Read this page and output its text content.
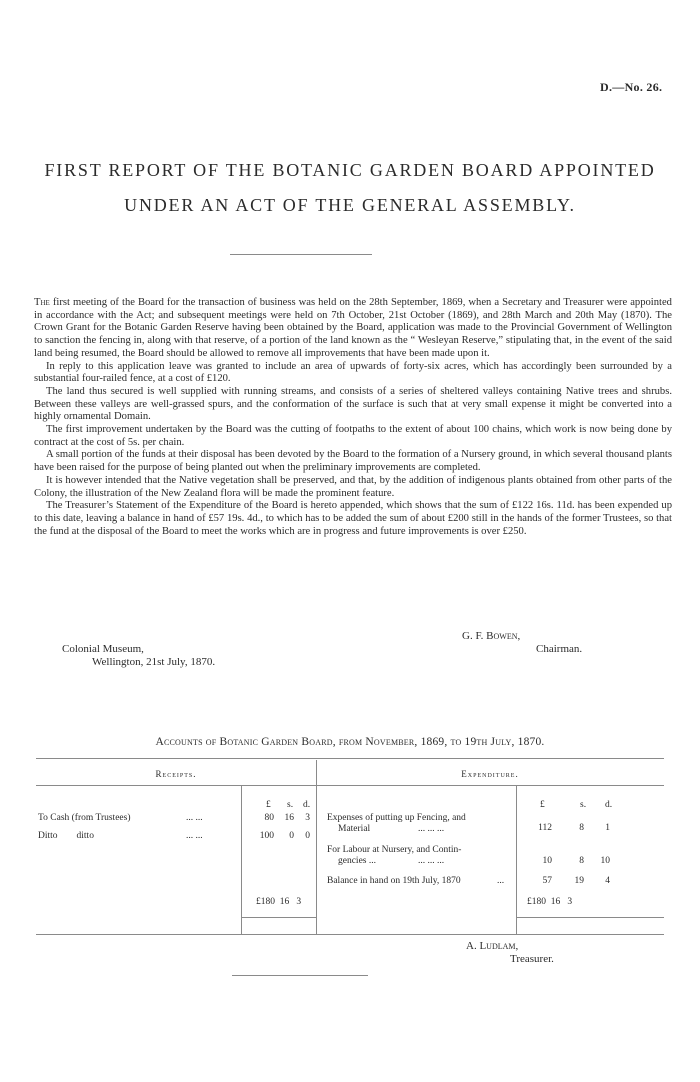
D.—No. 26.
FIRST REPORT OF THE BOTANIC GARDEN BOARD APPOINTED
UNDER AN ACT OF THE GENERAL ASSEMBLY.

The first meeting of the Board for the transaction of business was held on the 28th September, 1869, when a Secretary and Treasurer were appointed in accordance with the Act; and subsequent meetings were held on 7th October, 21st October (1869), and 28th March and 20th May (1870). The Crown Grant for the Botanic Garden Reserve having been obtained by the Board, application was made to the Provincial Government of Wellington to sanction the fencing in, along with that reserve, of a portion of the land known as the “ Wesleyan Reserve,” stipulating that, in the event of the said land being resumed, the Board should be allowed to remove all improvements that have been made upon it.

In reply to this application leave was granted to include an area of upwards of forty-six acres, which has accordingly been surrounded by a substantial four-railed fence, at a cost of £120.

The land thus secured is well supplied with running streams, and consists of a series of sheltered valleys containing Native trees and shrubs. Between these valleys are well-grassed spurs, and the conformation of the surface is such that at very small expense it might be converted into a highly ornamental Domain.

The first improvement undertaken by the Board was the cutting of footpaths to the extent of about 100 chains, which work is now being done by contract at the cost of 5s. per chain.

A small portion of the funds at their disposal has been devoted by the Board to the formation of a Nursery ground, in which several thousand plants have been raised for the purpose of being planted out when the preliminary improvements are completed.

It is however intended that the Native vegetation shall be preserved, and that, by the addition of indigenous plants obtained from other parts of the Colony, the illustration of the New Zealand flora will be made the prominent feature.

The Treasurer’s Statement of the Expenditure of the Board is hereto appended, which shows that the sum of £122 16s. 11d. has been expended up to this date, leaving a balance in hand of £57 19s. 4d., to which has to be added the sum of about £200 still in the hands of the former Trustees, so that the fund at the disposal of the Board to meet the works which are in progress and future improvements is over £250.

G. F. Bowen,
Chairman.
Colonial Museum,
Wellington, 21st July, 1870.
Accounts of Botanic Garden Board, from November, 1869, to 19th July, 1870.
Receipts.	Expenditure.
£ s. d.	£	s. d.
To Cash (from Trustees)	... ...	80	16	3
Ditto        ditto	... ...	100	0	0
Expenses of putting up Fencing, and
Material	... ... ...	112	8	1
For Labour at Nursery, and Contin-
gencies ...	... ... ...	10	8	10
Balance in hand on 19th July, 1870	...	57	19	4
£180  16   3	£180  16   3
A. Ludlam,
Treasurer.
